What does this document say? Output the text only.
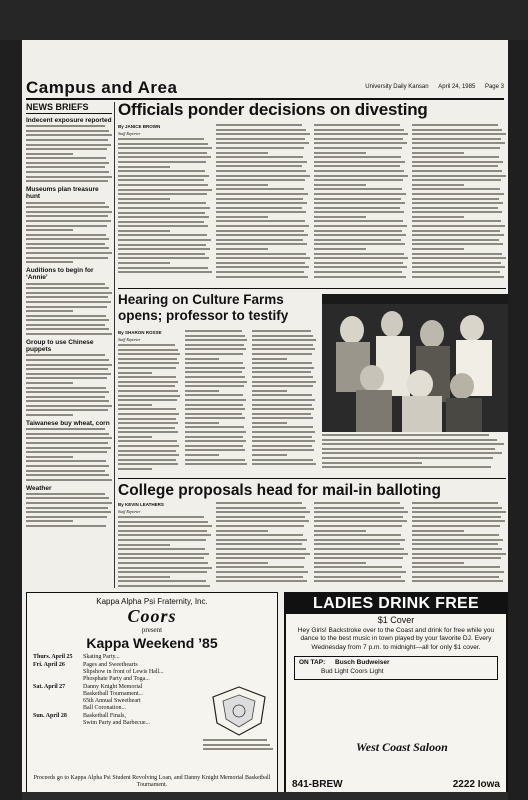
Campus and Area	University Daily Kansan April 24, 1985 Page 3
NEWS BRIEFS
Indecent exposure reported
Museums plan treasure hunt
Auditions to begin for ‘Annie’
Group to use Chinese puppets
Taiwanese buy wheat, corn
Weather
Officials ponder decisions on divesting

By JANICE BROWN

Staff Reporter

Hearing on Culture Farms opens; professor to testify

By SHARON ROSSE

Staff Reporter

College proposals head for mail-in balloting

By KEVIN LEATHERS

Staff Reporter

Kappa Alpha Psi Fraternity, Inc.
Coors
present
Kappa Weekend ’85
Thurs. April 25	Skating Party...

Fri. April 26	Pages and Sweethearts
Slipshow in front of Lewis Hall...
Phosphate Party and Toga...

Sat. April 27	Danny Knight Memorial
Basketball Tournament...
65th Annual Sweetheart
Ball Coronation...

Sun. April 28	Basketball Finals,
Swim Party and Barbecue...
Proceeds go to Kappa Alpha Psi Student Revolving Loan, and Danny Knight Memorial Basketball Tournament.
LADIES DRINK FREE
$1 Cover
Hey Girls! Backstroke over to the Coast and drink for free while you dance to the best music in town played by your favorite DJ. Every Wednesday from 7 p.m. to midnight—all for only $1 cover.
ON TAP: Busch Budweiser
Bud Light Coors Light
West Coast Saloon
841-BREW	2222 Iowa
